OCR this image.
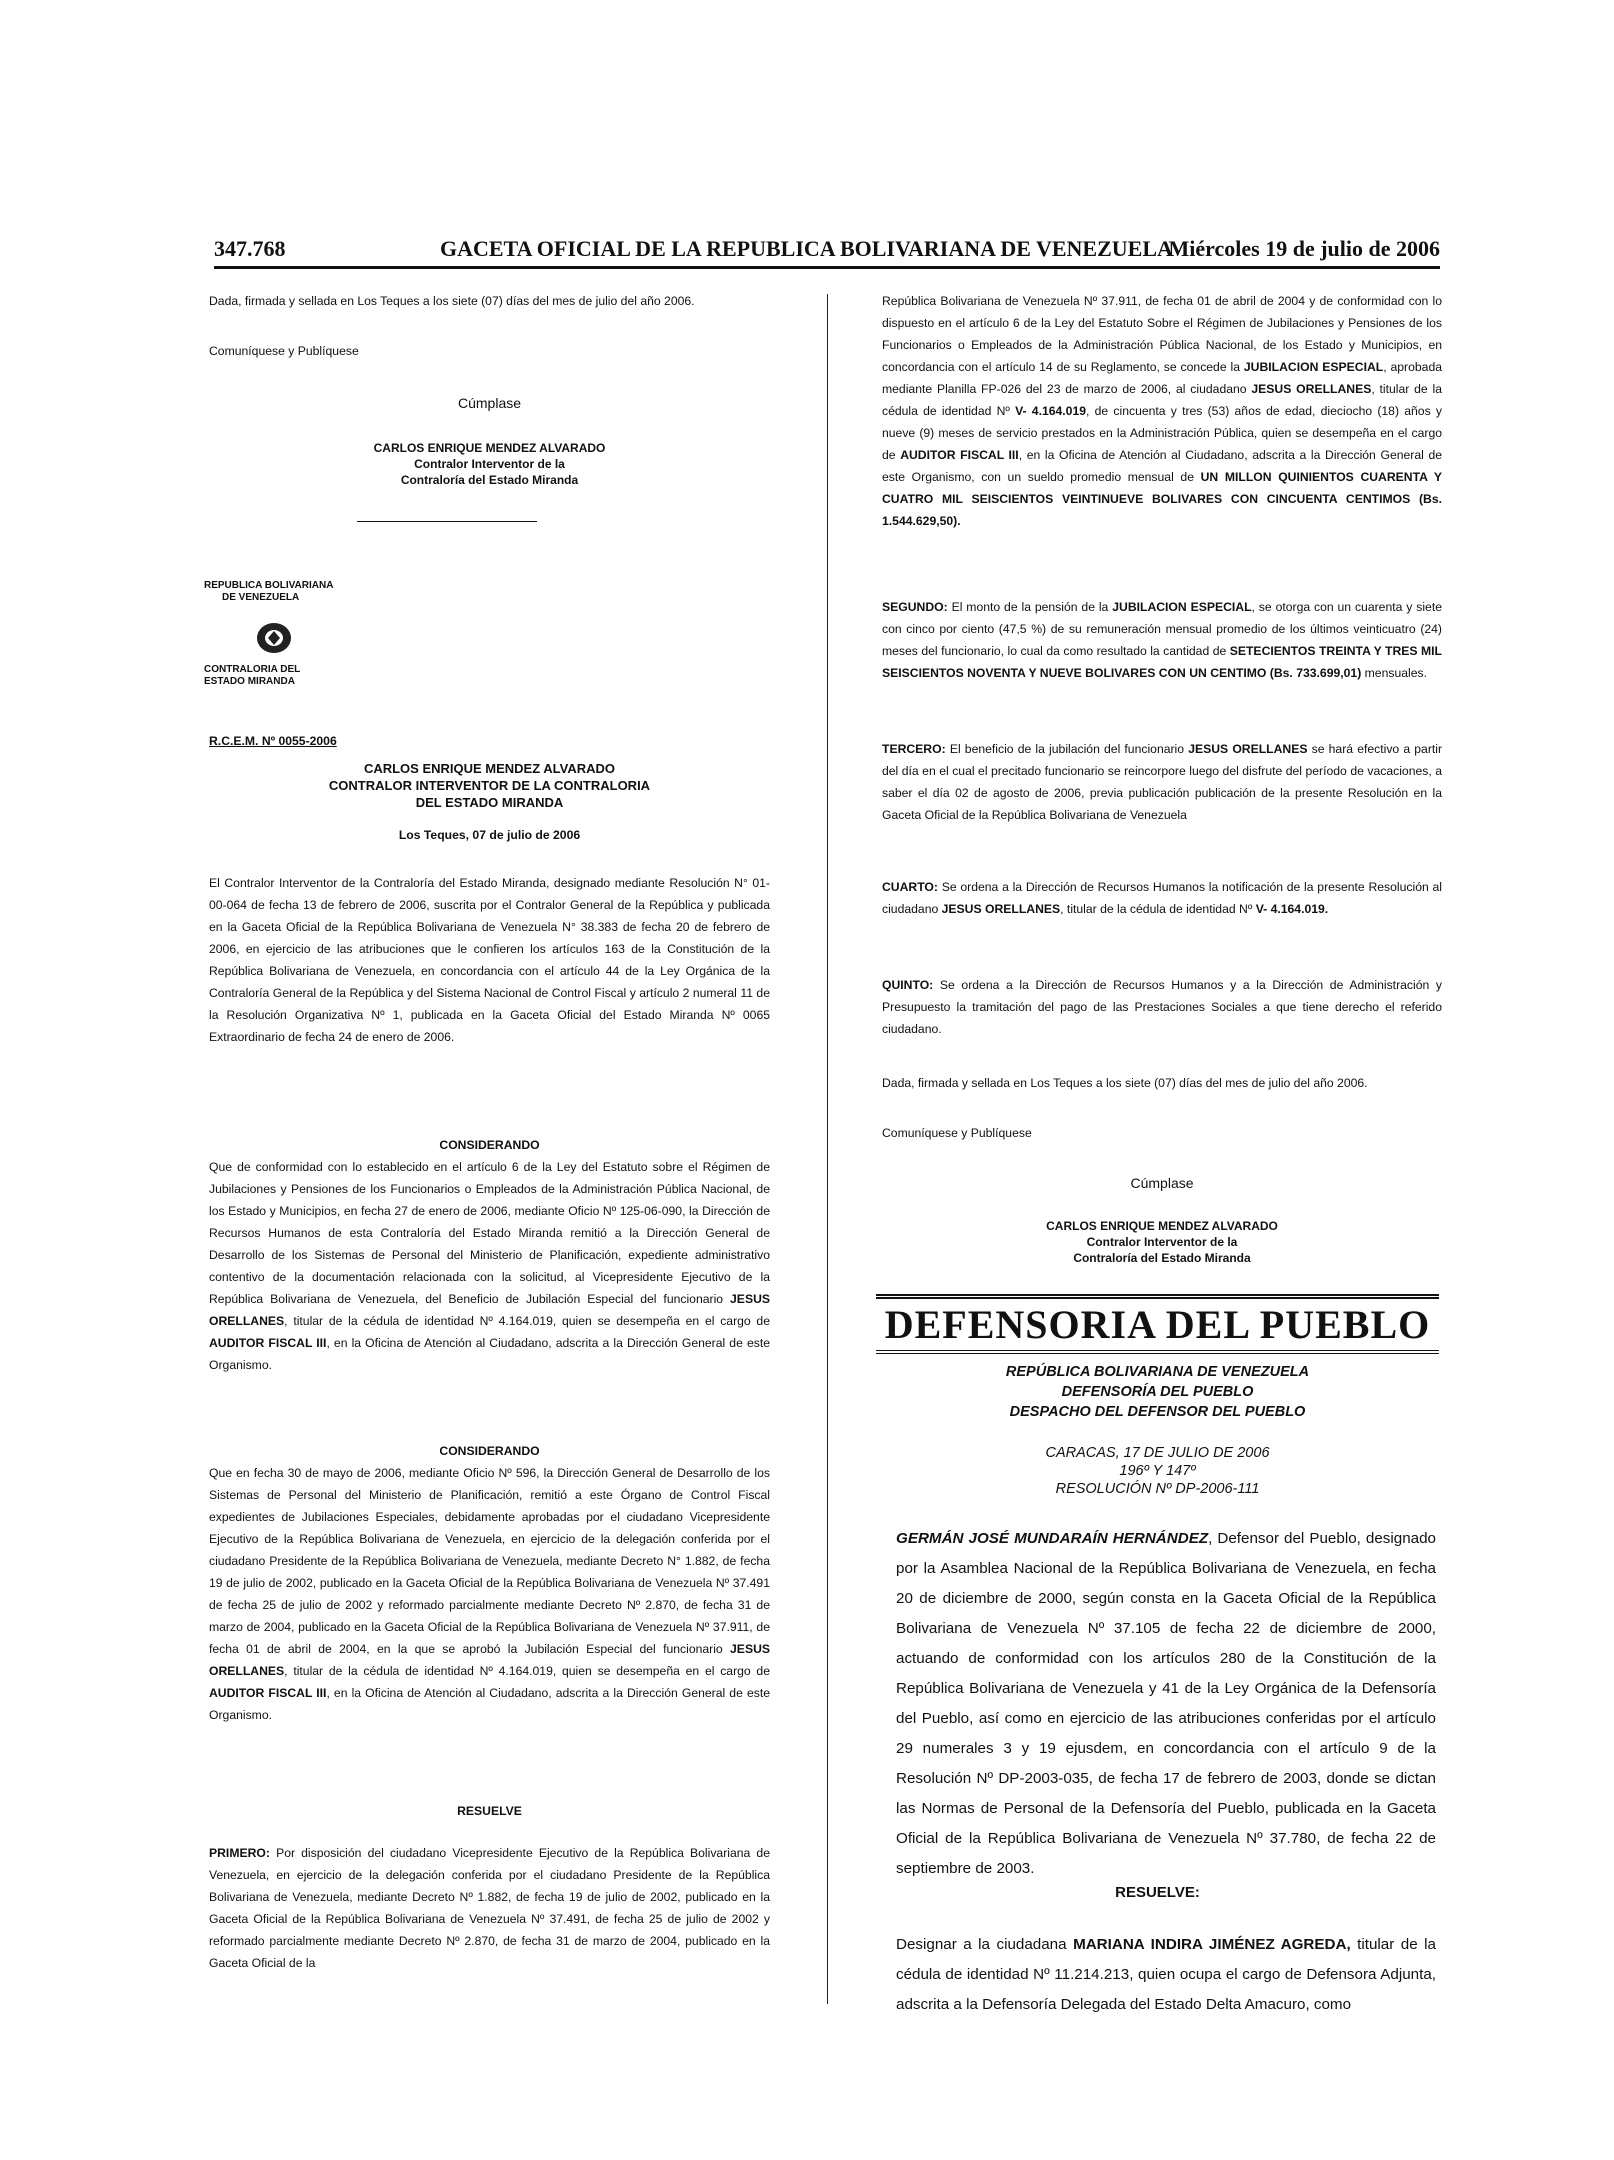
347.768	GACETA OFICIAL DE LA REPUBLICA BOLIVARIANA DE VENEZUELA
Miércoles 19 de julio de 2006

Dada, firmada y sellada en Los Teques a los siete (07) días del mes de julio del año 2006.

Comuníquese y Publíquese

Cúmplase

CARLOS ENRIQUE MENDEZ ALVARADO
Contralor Interventor de la
Contraloría del Estado Miranda
REPUBLICA BOLIVARIANA
DE VENEZUELA
CONTRALORIA DEL
ESTADO MIRANDA

R.C.E.M. Nº 0055-2006

CARLOS ENRIQUE MENDEZ ALVARADO
CONTRALOR INTERVENTOR DE LA CONTRALORIA
DEL ESTADO MIRANDA

Los Teques, 07 de julio de 2006

El Contralor Interventor de la Contraloría del Estado Miranda, designado mediante Resolución N° 01-00-064 de fecha 13 de febrero de 2006, suscrita por el Contralor General de la República y publicada en la Gaceta Oficial de la República Bolivariana de Venezuela N° 38.383 de fecha 20 de febrero de 2006, en ejercicio de las atribuciones que le confieren los artículos 163 de la Constitución de la República Bolivariana de Venezuela, en concordancia con el artículo 44 de la Ley Orgánica de la Contraloría General de la República y del Sistema Nacional de Control Fiscal y artículo 2 numeral 11 de la Resolución Organizativa Nº 1, publicada en la Gaceta Oficial del Estado Miranda Nº 0065 Extraordinario de fecha 24 de enero de 2006.

CONSIDERANDO

Que de conformidad con lo establecido en el artículo 6 de la Ley del Estatuto sobre el Régimen de Jubilaciones y Pensiones de los Funcionarios o Empleados de la Administración Pública Nacional, de los Estado y Municipios, en fecha 27 de enero de 2006, mediante Oficio Nº 125-06-090, la Dirección de Recursos Humanos de esta Contraloría del Estado Miranda remitió a la Dirección General de Desarrollo de los Sistemas de Personal del Ministerio de Planificación, expediente administrativo contentivo de la documentación relacionada con la solicitud, al Vicepresidente Ejecutivo de la República Bolivariana de Venezuela, del Beneficio de Jubilación Especial del funcionario JESUS ORELLANES, titular de la cédula de identidad Nº 4.164.019, quien se desempeña en el cargo de AUDITOR FISCAL III, en la Oficina de Atención al Ciudadano, adscrita a la Dirección General de este Organismo.

CONSIDERANDO

Que en fecha 30 de mayo de 2006, mediante Oficio Nº 596, la Dirección General de Desarrollo de los Sistemas de Personal del Ministerio de Planificación, remitió a este Órgano de Control Fiscal expedientes de Jubilaciones Especiales, debidamente aprobadas por el ciudadano Vicepresidente Ejecutivo de la República Bolivariana de Venezuela, en ejercicio de la delegación conferida por el ciudadano Presidente de la República Bolivariana de Venezuela, mediante Decreto N° 1.882, de fecha 19 de julio de 2002, publicado en la Gaceta Oficial de la República Bolivariana de Venezuela Nº 37.491 de fecha 25 de julio de 2002 y reformado parcialmente mediante Decreto Nº 2.870, de fecha 31 de marzo de 2004, publicado en la Gaceta Oficial de la República Bolivariana de Venezuela Nº 37.911, de fecha 01 de abril de 2004, en la que se aprobó la Jubilación Especial del funcionario JESUS ORELLANES, titular de la cédula de identidad Nº 4.164.019, quien se desempeña en el cargo de AUDITOR FISCAL III, en la Oficina de Atención al Ciudadano, adscrita a la Dirección General de este Organismo.

RESUELVE

PRIMERO: Por disposición del ciudadano Vicepresidente Ejecutivo de la República Bolivariana de Venezuela, en ejercicio de la delegación conferida por el ciudadano Presidente de la República Bolivariana de Venezuela, mediante Decreto Nº 1.882, de fecha 19 de julio de 2002, publicado en la Gaceta Oficial de la República Bolivariana de Venezuela Nº 37.491, de fecha 25 de julio de 2002 y reformado parcialmente mediante Decreto Nº 2.870, de fecha 31 de marzo de 2004, publicado en la Gaceta Oficial de la

República Bolivariana de Venezuela Nº 37.911, de fecha 01 de abril de 2004 y de conformidad con lo dispuesto en el artículo 6 de la Ley del Estatuto Sobre el Régimen de Jubilaciones y Pensiones de los Funcionarios o Empleados de la Administración Pública Nacional, de los Estado y Municipios, en concordancia con el artículo 14 de su Reglamento, se concede la JUBILACION ESPECIAL, aprobada mediante Planilla FP-026 del 23 de marzo de 2006, al ciudadano JESUS ORELLANES, titular de la cédula de identidad Nº V- 4.164.019, de cincuenta y tres (53) años de edad, dieciocho (18) años y nueve (9) meses de servicio prestados en la Administración Pública, quien se desempeña en el cargo de AUDITOR FISCAL III, en la Oficina de Atención al Ciudadano, adscrita a la Dirección General de este Organismo, con un sueldo promedio mensual de UN MILLON QUINIENTOS CUARENTA Y CUATRO MIL SEISCIENTOS VEINTINUEVE BOLIVARES CON CINCUENTA CENTIMOS (Bs. 1.544.629,50).

SEGUNDO: El monto de la pensión de la JUBILACION ESPECIAL, se otorga con un cuarenta y siete con cinco por ciento (47,5 %) de su remuneración mensual promedio de los últimos veinticuatro (24) meses del funcionario, lo cual da como resultado la cantidad de SETECIENTOS TREINTA Y TRES MIL SEISCIENTOS NOVENTA Y NUEVE BOLIVARES CON UN CENTIMO (Bs. 733.699,01) mensuales.

TERCERO: El beneficio de la jubilación del funcionario JESUS ORELLANES se hará efectivo a partir del día en el cual el precitado funcionario se reincorpore luego del disfrute del período de vacaciones, a saber el día 02 de agosto de 2006, previa publicación publicación de la presente Resolución en la Gaceta Oficial de la República Bolivariana de Venezuela

CUARTO: Se ordena a la Dirección de Recursos Humanos la notificación de la presente Resolución al ciudadano JESUS ORELLANES, titular de la cédula de identidad Nº V- 4.164.019.

QUINTO: Se ordena a la Dirección de Recursos Humanos y a la Dirección de Administración y Presupuesto la tramitación del pago de las Prestaciones Sociales a que tiene derecho el referido ciudadano.

Dada, firmada y sellada en Los Teques a los siete (07) días del mes de julio del año 2006.

Comuníquese y Publíquese

Cúmplase

CARLOS ENRIQUE MENDEZ ALVARADO
Contralor Interventor de la
Contraloría del Estado Miranda
DEFENSORIA DEL PUEBLO
REPÚBLICA BOLIVARIANA DE VENEZUELA
DEFENSORÍA DEL PUEBLO
DESPACHO DEL DEFENSOR DEL PUEBLO
CARACAS, 17 DE JULIO DE 2006
196º Y 147º
RESOLUCIÓN Nº DP-2006-111

GERMÁN JOSÉ MUNDARAÍN HERNÁNDEZ, Defensor del Pueblo, designado por la Asamblea Nacional de la República Bolivariana de Venezuela, en fecha 20 de diciembre de 2000, según consta en la Gaceta Oficial de la República Bolivariana de Venezuela Nº 37.105 de fecha 22 de diciembre de 2000, actuando de conformidad con los artículos 280 de la Constitución de la República Bolivariana de Venezuela y 41 de la Ley Orgánica de la Defensoría del Pueblo, así como en ejercicio de las atribuciones conferidas por el artículo 29 numerales 3 y 19 ejusdem, en concordancia con el artículo 9 de la Resolución Nº DP-2003-035, de fecha 17 de febrero de 2003, donde se dictan las Normas de Personal de la Defensoría del Pueblo, publicada en la Gaceta Oficial de la República Bolivariana de Venezuela Nº 37.780, de fecha 22 de septiembre de 2003.

RESUELVE:

Designar a la ciudadana MARIANA INDIRA JIMÉNEZ AGREDA, titular de la cédula de identidad Nº 11.214.213, quien ocupa el cargo de Defensora Adjunta, adscrita a la Defensoría Delegada del Estado Delta Amacuro, como
